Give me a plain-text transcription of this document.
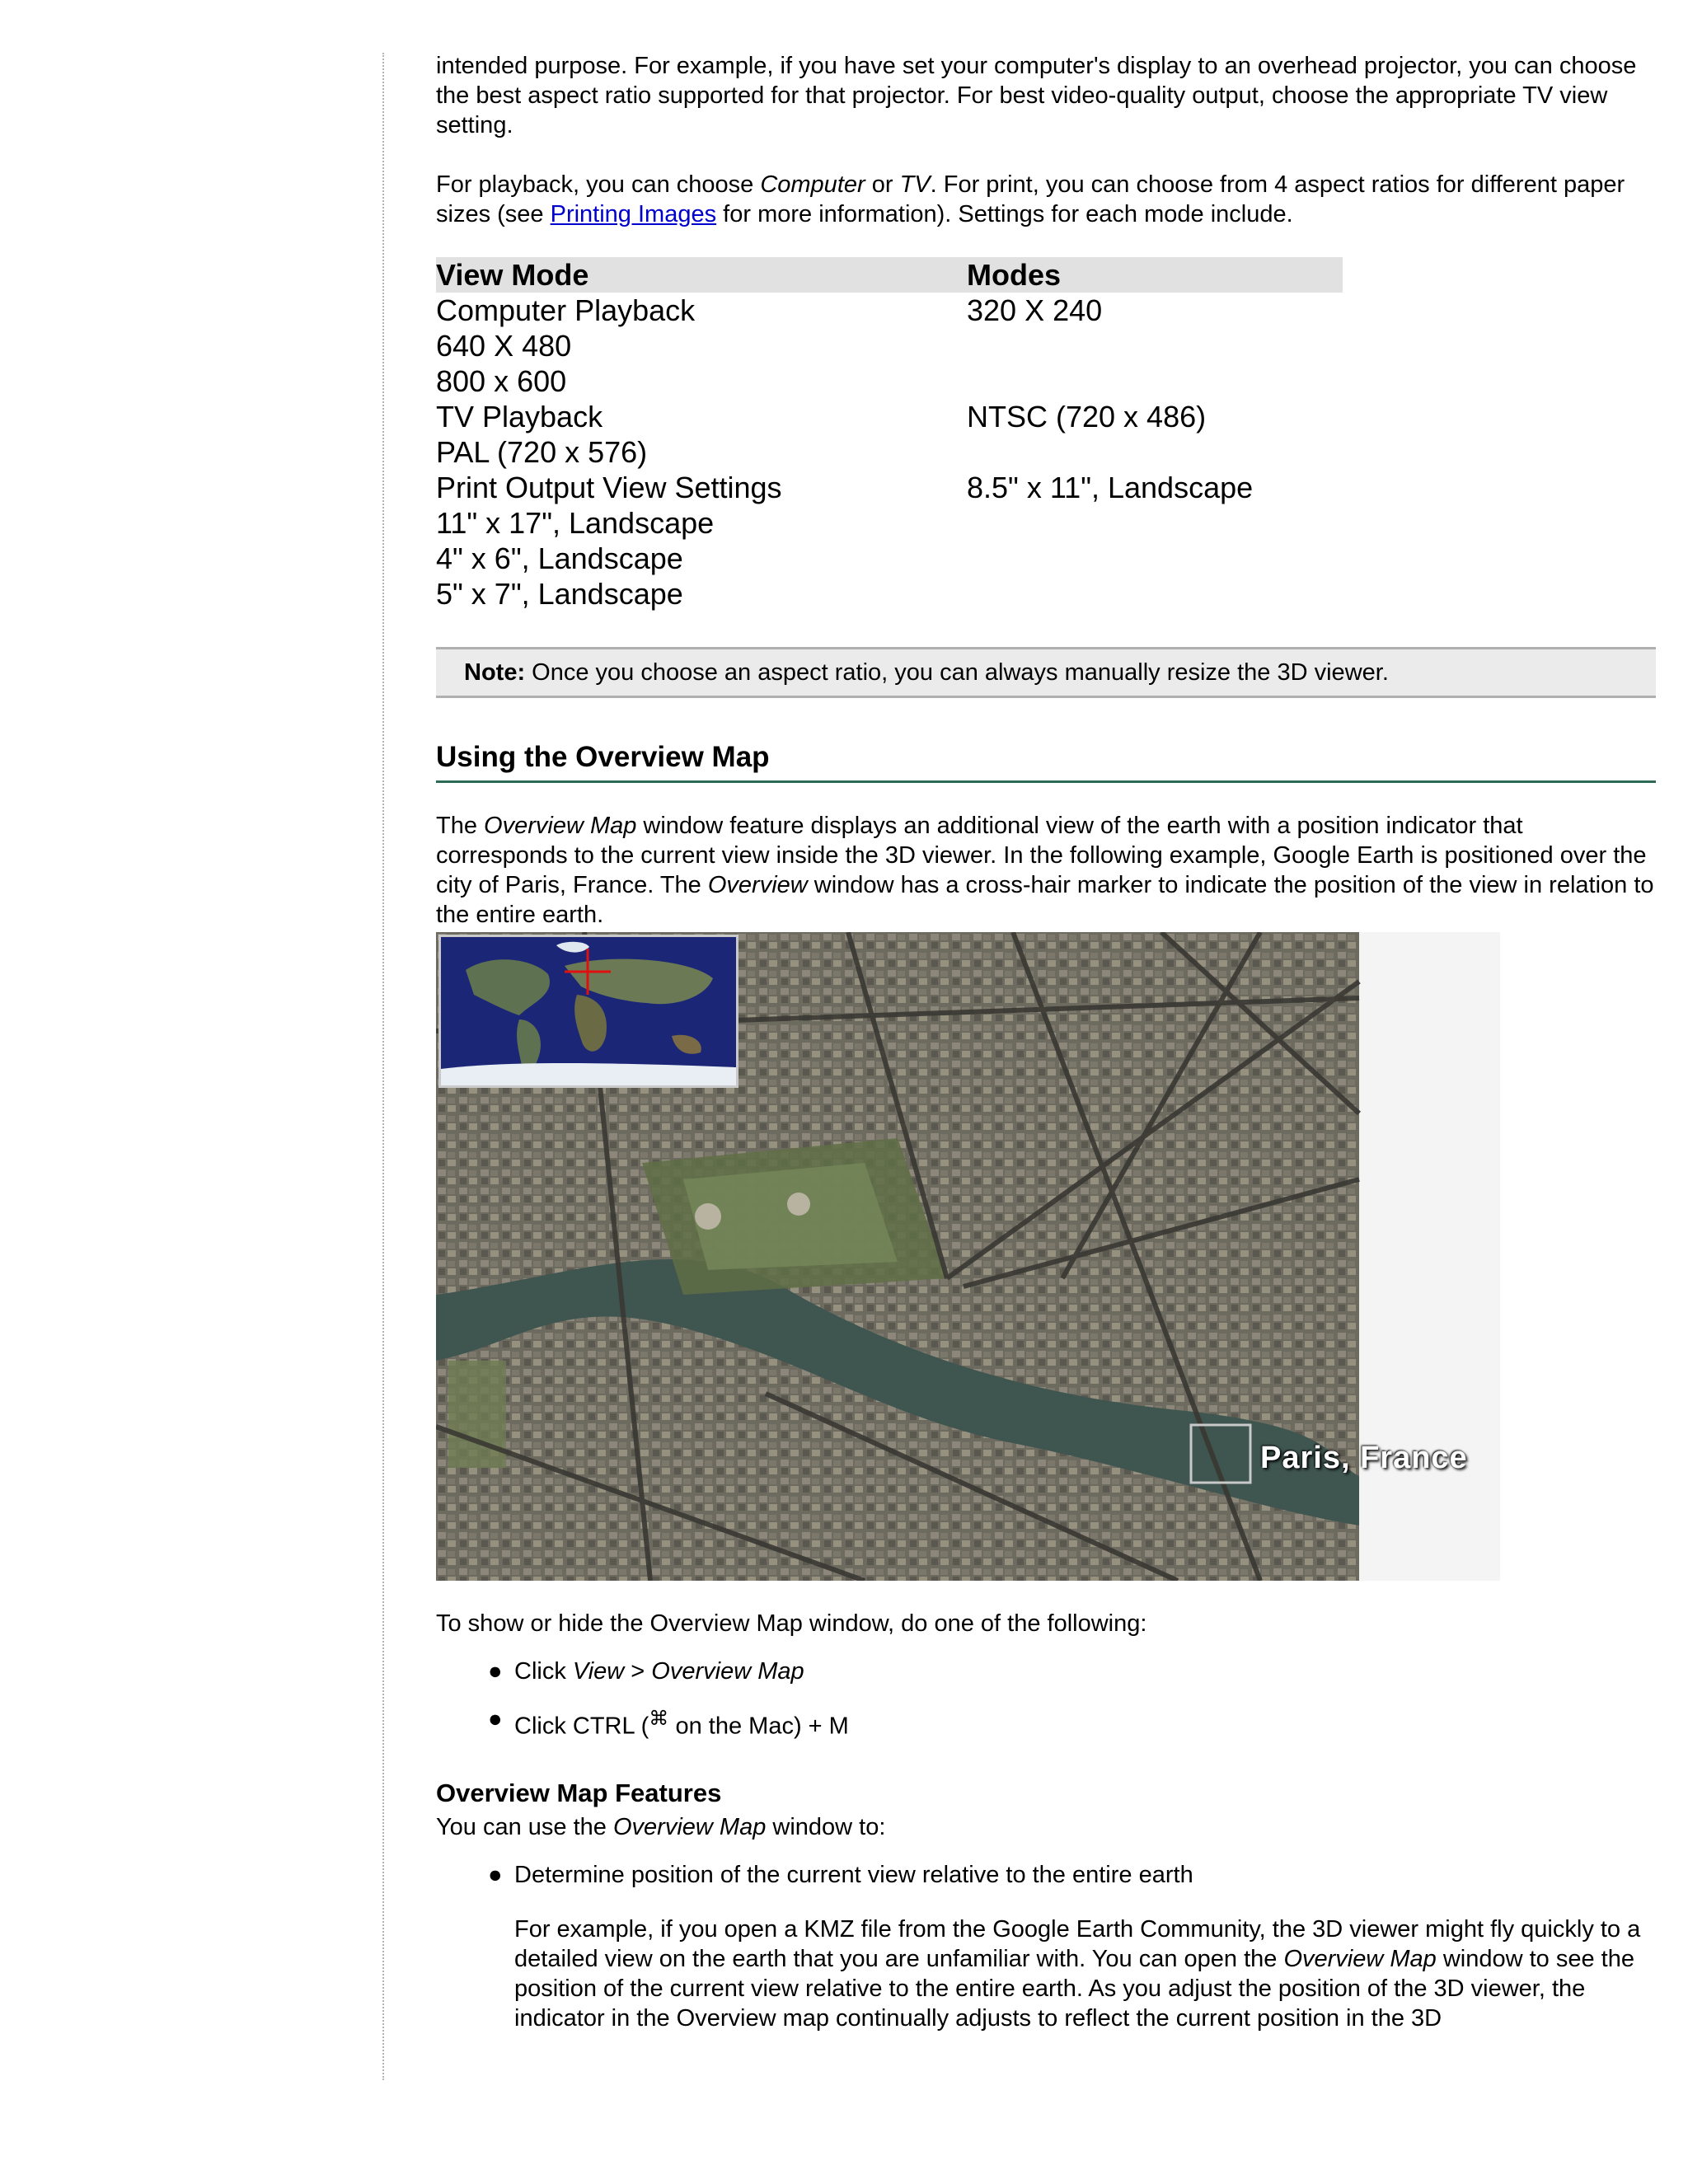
intended purpose. For example, if you have set your computer's display to an overhead projector, you can choose the best aspect ratio supported for that projector. For best video-quality output, choose the appropriate TV view setting.

For playback, you can choose Computer or TV. For print, you can choose from 4 aspect ratios for different paper sizes (see Printing Images for more information). Settings for each mode include.

View Mode	Modes
Computer Playback	320 X 240
640 X 480
800 x 600
TV Playback	NTSC (720 x 486)
PAL (720 x 576)
Print Output View Settings	8.5" x 11", Landscape
11" x 17", Landscape
4" x 6", Landscape
5" x 7", Landscape
Note: Once you choose an aspect ratio, you can always manually resize the 3D viewer.
Using the Overview Map

The Overview Map window feature displays an additional view of the earth with a position indicator that corresponds to the current view inside the 3D viewer. In the following example, Google Earth is positioned over the city of Paris, France. The Overview window has a cross-hair marker to indicate the position of the view in relation to the entire earth.

Paris, France

To show or hide the Overview Map window, do one of the following:

● Click View > Overview Map
● Click CTRL (⌘ on the Mac) + M
Overview Map Features

You can use the Overview Map window to:

● Determine position of the current view relative to the entire earth

For example, if you open a KMZ file from the Google Earth Community, the 3D viewer might fly quickly to a detailed view on the earth that you are unfamiliar with. You can open the Overview Map window to see the position of the current view relative to the entire earth. As you adjust the position of the 3D viewer, the indicator in the Overview map continually adjusts to reflect the current position in the 3D
